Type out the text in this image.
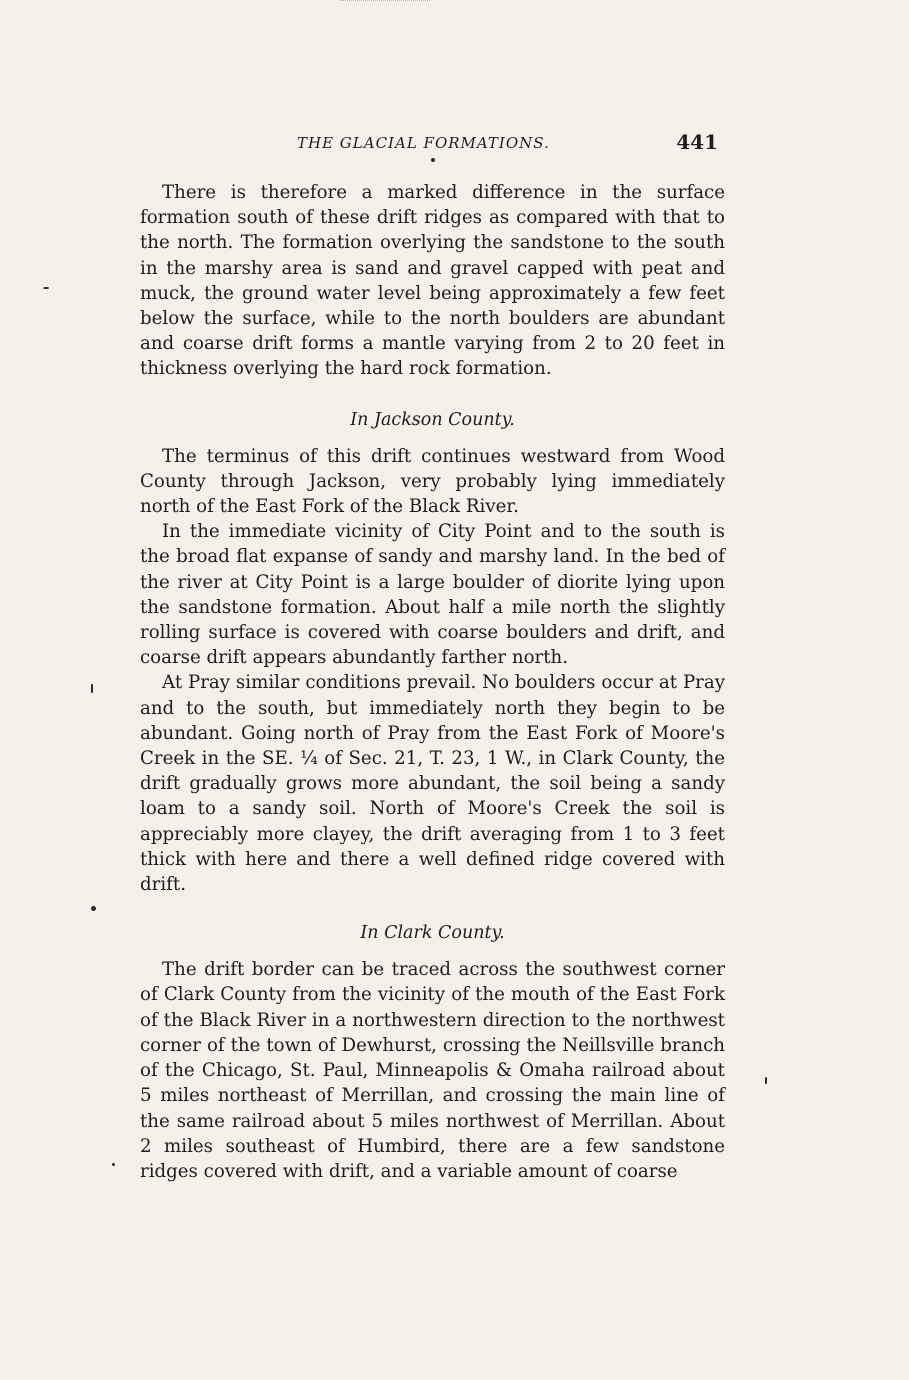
THE GLACIAL FORMATIONS.	441

There is therefore a marked difference in the surface formation south of these drift ridges as compared with that to the north. The formation overlying the sandstone to the south in the marshy area is sand and gravel capped with peat and muck, the ground water level being approximately a few feet below the surface, while to the north boulders are abundant and coarse drift forms a mantle varying from 2 to 20 feet in thickness overlying the hard rock formation.

In Jackson County.

The terminus of this drift continues westward from Wood County through Jackson, very probably lying immediately north of the East Fork of the Black River.

In the immediate vicinity of City Point and to the south is the broad flat expanse of sandy and marshy land. In the bed of the river at City Point is a large boulder of diorite lying upon the sandstone formation. About half a mile north the slightly rolling surface is covered with coarse boulders and drift, and coarse drift appears abundantly farther north.

At Pray similar conditions prevail. No boulders occur at Pray and to the south, but immediately north they begin to be abundant. Going north of Pray from the East Fork of Moore's Creek in the SE. ¼ of Sec. 21, T. 23, 1 W., in Clark County, the drift gradually grows more abundant, the soil being a sandy loam to a sandy soil. North of Moore's Creek the soil is appreciably more clayey, the drift averaging from 1 to 3 feet thick with here and there a well defined ridge covered with drift.

In Clark County.

The drift border can be traced across the southwest corner of Clark County from the vicinity of the mouth of the East Fork of the Black River in a northwestern direction to the northwest corner of the town of Dewhurst, crossing the Neillsville branch of the Chicago, St. Paul, Minneapolis & Omaha railroad about 5 miles northeast of Merrillan, and crossing the main line of the same railroad about 5 miles northwest of Merrillan. About 2 miles southeast of Humbird, there are a few sandstone ridges covered with drift, and a variable amount of coarse
